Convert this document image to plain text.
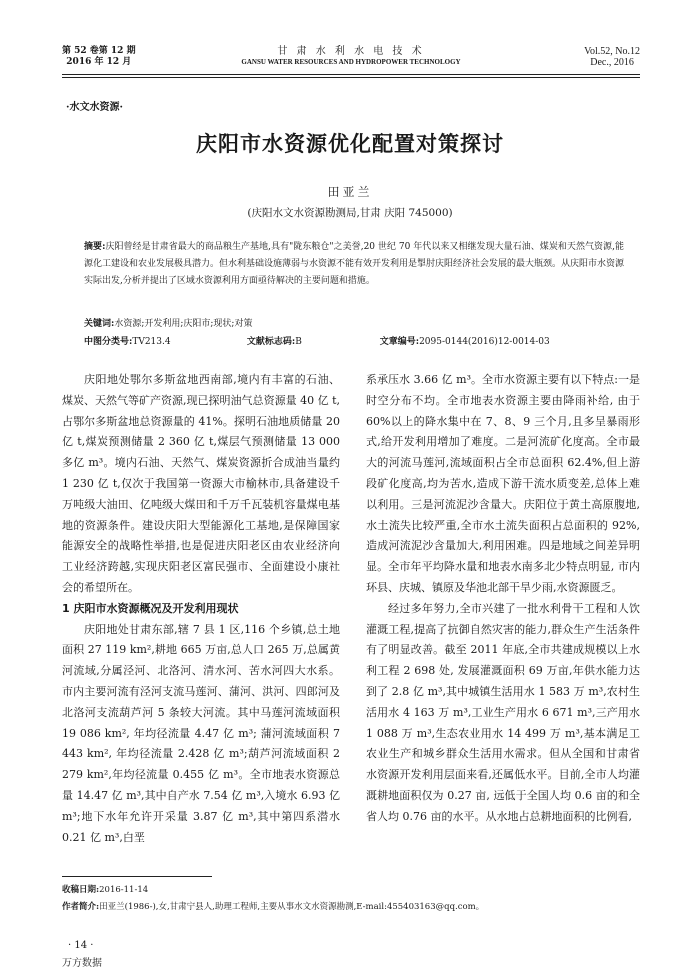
第 52 卷第 12 期
2016 年 12 月
甘 肃 水 利 水 电 技 术
GANSU WATER RESOURCES AND HYDROPOWER TECHNOLOGY
Vol.52, No.12
Dec., 2016
·水文水资源·
庆阳市水资源优化配置对策探讨
田亚兰
(庆阳水文水资源勘测局,甘肃 庆阳 745000)
摘要:庆阳曾经是甘肃省最大的商品粮生产基地,具有"陇东粮仓"之美誉,20 世纪 70 年代以来又相继发现大量石油、煤炭和天然气资源,能源化工建设和农业发展极具潜力。但水利基础设施薄弱与水资源不能有效开发利用是掣肘庆阳经济社会发展的最大瓶颈。从庆阳市水资源实际出发,分析并提出了区域水资源利用方面亟待解决的主要问题和措施。
关键词:水资源;开发利用;庆阳市;现状;对策
中图分类号:TV213.4	文献标志码:B	文章编号:2095-0144(2016)12-0014-03

庆阳地处鄂尔多斯盆地西南部,境内有丰富的石油、煤炭、天然气等矿产资源,现已探明油气总资源量 40 亿 t,占鄂尔多斯盆地总资源量的 41%。探明石油地质储量 20 亿 t,煤炭预测储量 2 360 亿 t,煤层气预测储量 13 000 多亿 m³。境内石油、天然气、煤炭资源折合成油当量约 1 230 亿 t,仅次于我国第一资源大市榆林市,具备建设千万吨级大油田、亿吨级大煤田和千万千瓦装机容量煤电基地的资源条件。建设庆阳大型能源化工基地,是保障国家能源安全的战略性举措,也是促进庆阳老区由农业经济向工业经济跨越,实现庆阳老区富民强市、全面建设小康社会的希望所在。

1 庆阳市水资源概况及开发利用现状

庆阳地处甘肃东部,辖 7 县 1 区,116 个乡镇,总土地面积 27 119 km²,耕地 665 万亩,总人口 265 万,总属黄河流域,分属泾河、北洛河、清水河、苦水河四大水系。市内主要河流有泾河支流马莲河、蒲河、洪河、四郎河及北洛河支流葫芦河 5 条较大河流。其中马莲河流域面积 19 086 km², 年均径流量 4.47 亿 m³; 蒲河流域面积 7 443 km², 年均径流量 2.428 亿 m³;葫芦河流域面积 2 279 km²,年均径流量 0.455 亿 m³。全市地表水资源总量 14.47 亿 m³,其中自产水 7.54 亿 m³,入境水 6.93 亿 m³;地下水年允许开采量 3.87 亿 m³,其中第四系潜水 0.21 亿 m³,白垩

系承压水 3.66 亿 m³。全市水资源主要有以下特点:一是时空分布不均。全市地表水资源主要由降雨补给, 由于 60%以上的降水集中在 7、8、9 三个月,且多呈暴雨形式,给开发利用增加了难度。二是河流矿化度高。全市最大的河流马莲河,流域面积占全市总面积 62.4%,但上游段矿化度高,均为苦水,造成下游干流水质变差,总体上难以利用。三是河流泥沙含量大。庆阳位于黄土高原腹地,水土流失比较严重,全市水土流失面积占总面积的 92%,造成河流泥沙含量加大,利用困难。四是地域之间差异明显。全市年平均降水量和地表水南多北少特点明显, 市内环县、庆城、镇原及华池北部干旱少雨,水资源匮乏。

经过多年努力,全市兴建了一批水利骨干工程和人饮灌溉工程,提高了抗御自然灾害的能力,群众生产生活条件有了明显改善。截至 2011 年底,全市共建成规模以上水利工程 2 698 处, 发展灌溉面积 69 万亩,年供水能力达到了 2.8 亿 m³,其中城镇生活用水 1 583 万 m³,农村生活用水 4 163 万 m³,工业生产用水 6 671 m³,三产用水 1 088 万 m³,生态农业用水 14 499 万 m³,基本满足工农业生产和城乡群众生活用水需求。但从全国和甘肃省水资源开发利用层面来看,还属低水平。目前,全市人均灌溉耕地面积仅为 0.27 亩, 远低于全国人均 0.6 亩的和全省人均 0.76 亩的水平。从水地占总耕地面积的比例看,

收稿日期:2016-11-14
作者简介:田亚兰(1986-),女,甘肃宁县人,助理工程师,主要从事水文水资源勘测,E-mail:455403163@qq.com。
· 14 ·
万方数据
